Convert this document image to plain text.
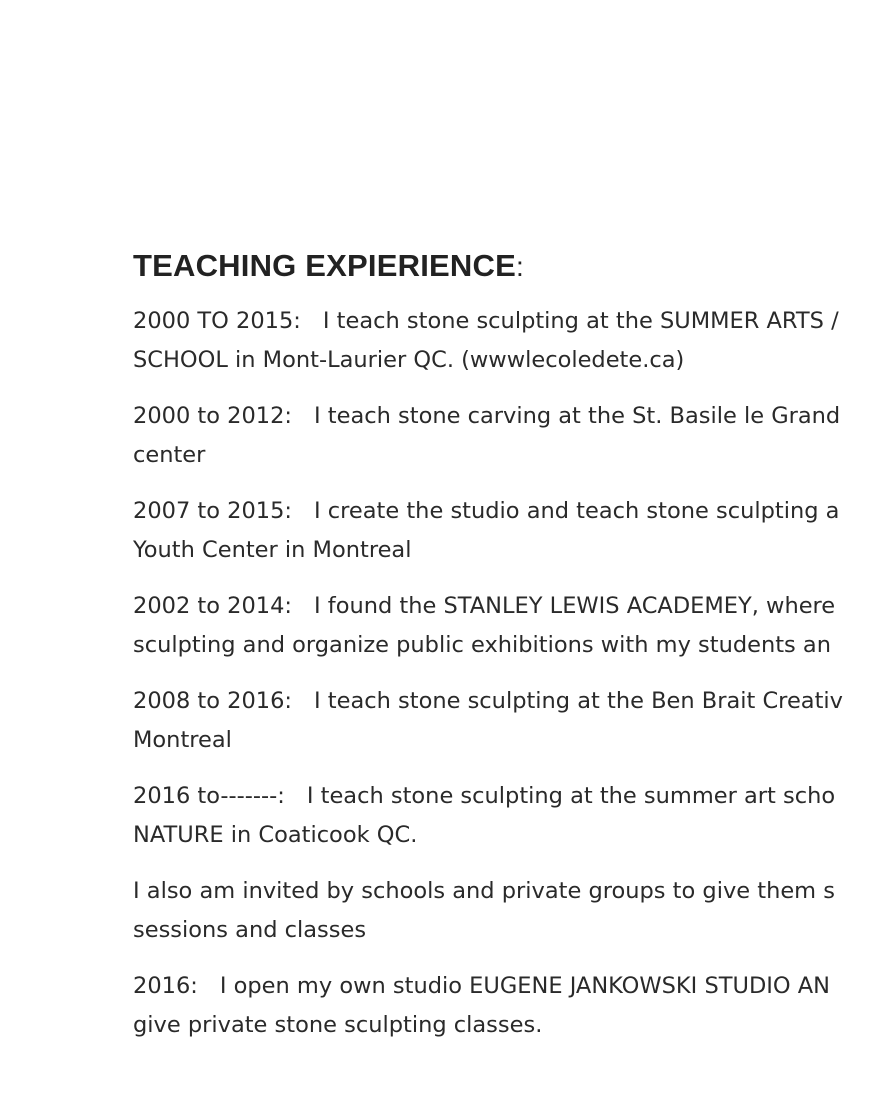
TEACHING EXPIERIENCE:
2000 TO 2015: I teach stone sculpting at the SUMMER ARTS /
SCHOOL in Mont-Laurier QC. (wwwlecoledete.ca)
2000 to 2012: I teach stone carving at the St. Basile le Grand
center
2007 to 2015: I create the studio and teach stone sculpting a
Youth Center in Montreal
2002 to 2014: I found the STANLEY LEWIS ACADEMEY, where
sculpting and organize public exhibitions with my students an
2008 to 2016: I teach stone sculpting at the Ben Brait Creativ
Montreal
2016 to-------: I teach stone sculpting at the summer art scho
NATURE in Coaticook QC.
I also am invited by schools and private groups to give them s
sessions and classes
2016: I open my own studio EUGENE JANKOWSKI STUDIO AN
give private stone sculpting classes.
